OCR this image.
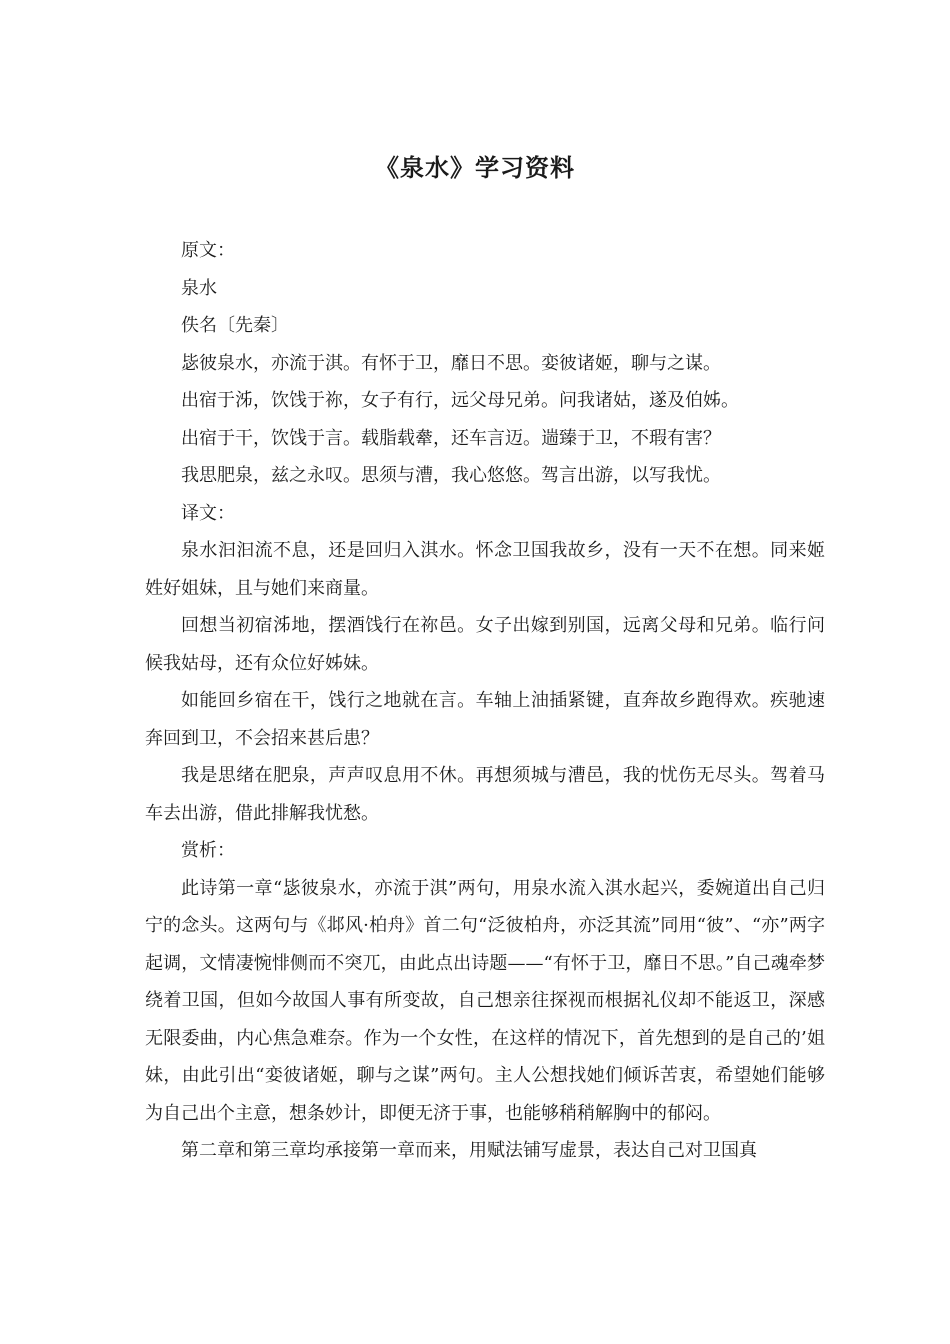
《泉水》学习资料

原文：

泉水

佚名〔先秦〕

毖彼泉水，亦流于淇。有怀于卫，靡日不思。娈彼诸姬，聊与之谋。

出宿于泲，饮饯于祢，女子有行，远父母兄弟。问我诸姑，遂及伯姊。

出宿于干，饮饯于言。载脂载舝，还车言迈。遄臻于卫，不瑕有害？

我思肥泉，兹之永叹。思须与漕，我心悠悠。驾言出游，以写我忧。

译文：

泉水汩汩流不息，还是回归入淇水。怀念卫国我故乡，没有一天不在想。同来姬姓好姐妹，且与她们来商量。

回想当初宿泲地，摆酒饯行在祢邑。女子出嫁到别国，远离父母和兄弟。临行问候我姑母，还有众位好姊妹。

如能回乡宿在干，饯行之地就在言。车轴上油插紧键，直奔故乡跑得欢。疾驰速奔回到卫，不会招来甚后患？

我是思绪在肥泉，声声叹息用不休。再想须城与漕邑，我的忧伤无尽头。驾着马车去出游，借此排解我忧愁。

赏析：

此诗第一章“毖彼泉水，亦流于淇”两句，用泉水流入淇水起兴，委婉道出自己归宁的念头。这两句与《邶风·柏舟》首二句“泛彼柏舟，亦泛其流”同用“彼”、“亦”两字起调，文情凄惋悱侧而不突兀，由此点出诗题——“有怀于卫，靡日不思。”自己魂牵梦绕着卫国，但如今故国人事有所变故，自己想亲往探视而根据礼仪却不能返卫，深感无限委曲，内心焦急难奈。作为一个女性，在这样的情况下，首先想到的是自己的’姐妹，由此引出“娈彼诸姬，聊与之谋”两句。主人公想找她们倾诉苦衷，希望她们能够为自己出个主意，想条妙计，即便无济于事，也能够稍稍解胸中的郁闷。

第二章和第三章均承接第一章而来，用赋法铺写虚景，表达自己对卫国真
